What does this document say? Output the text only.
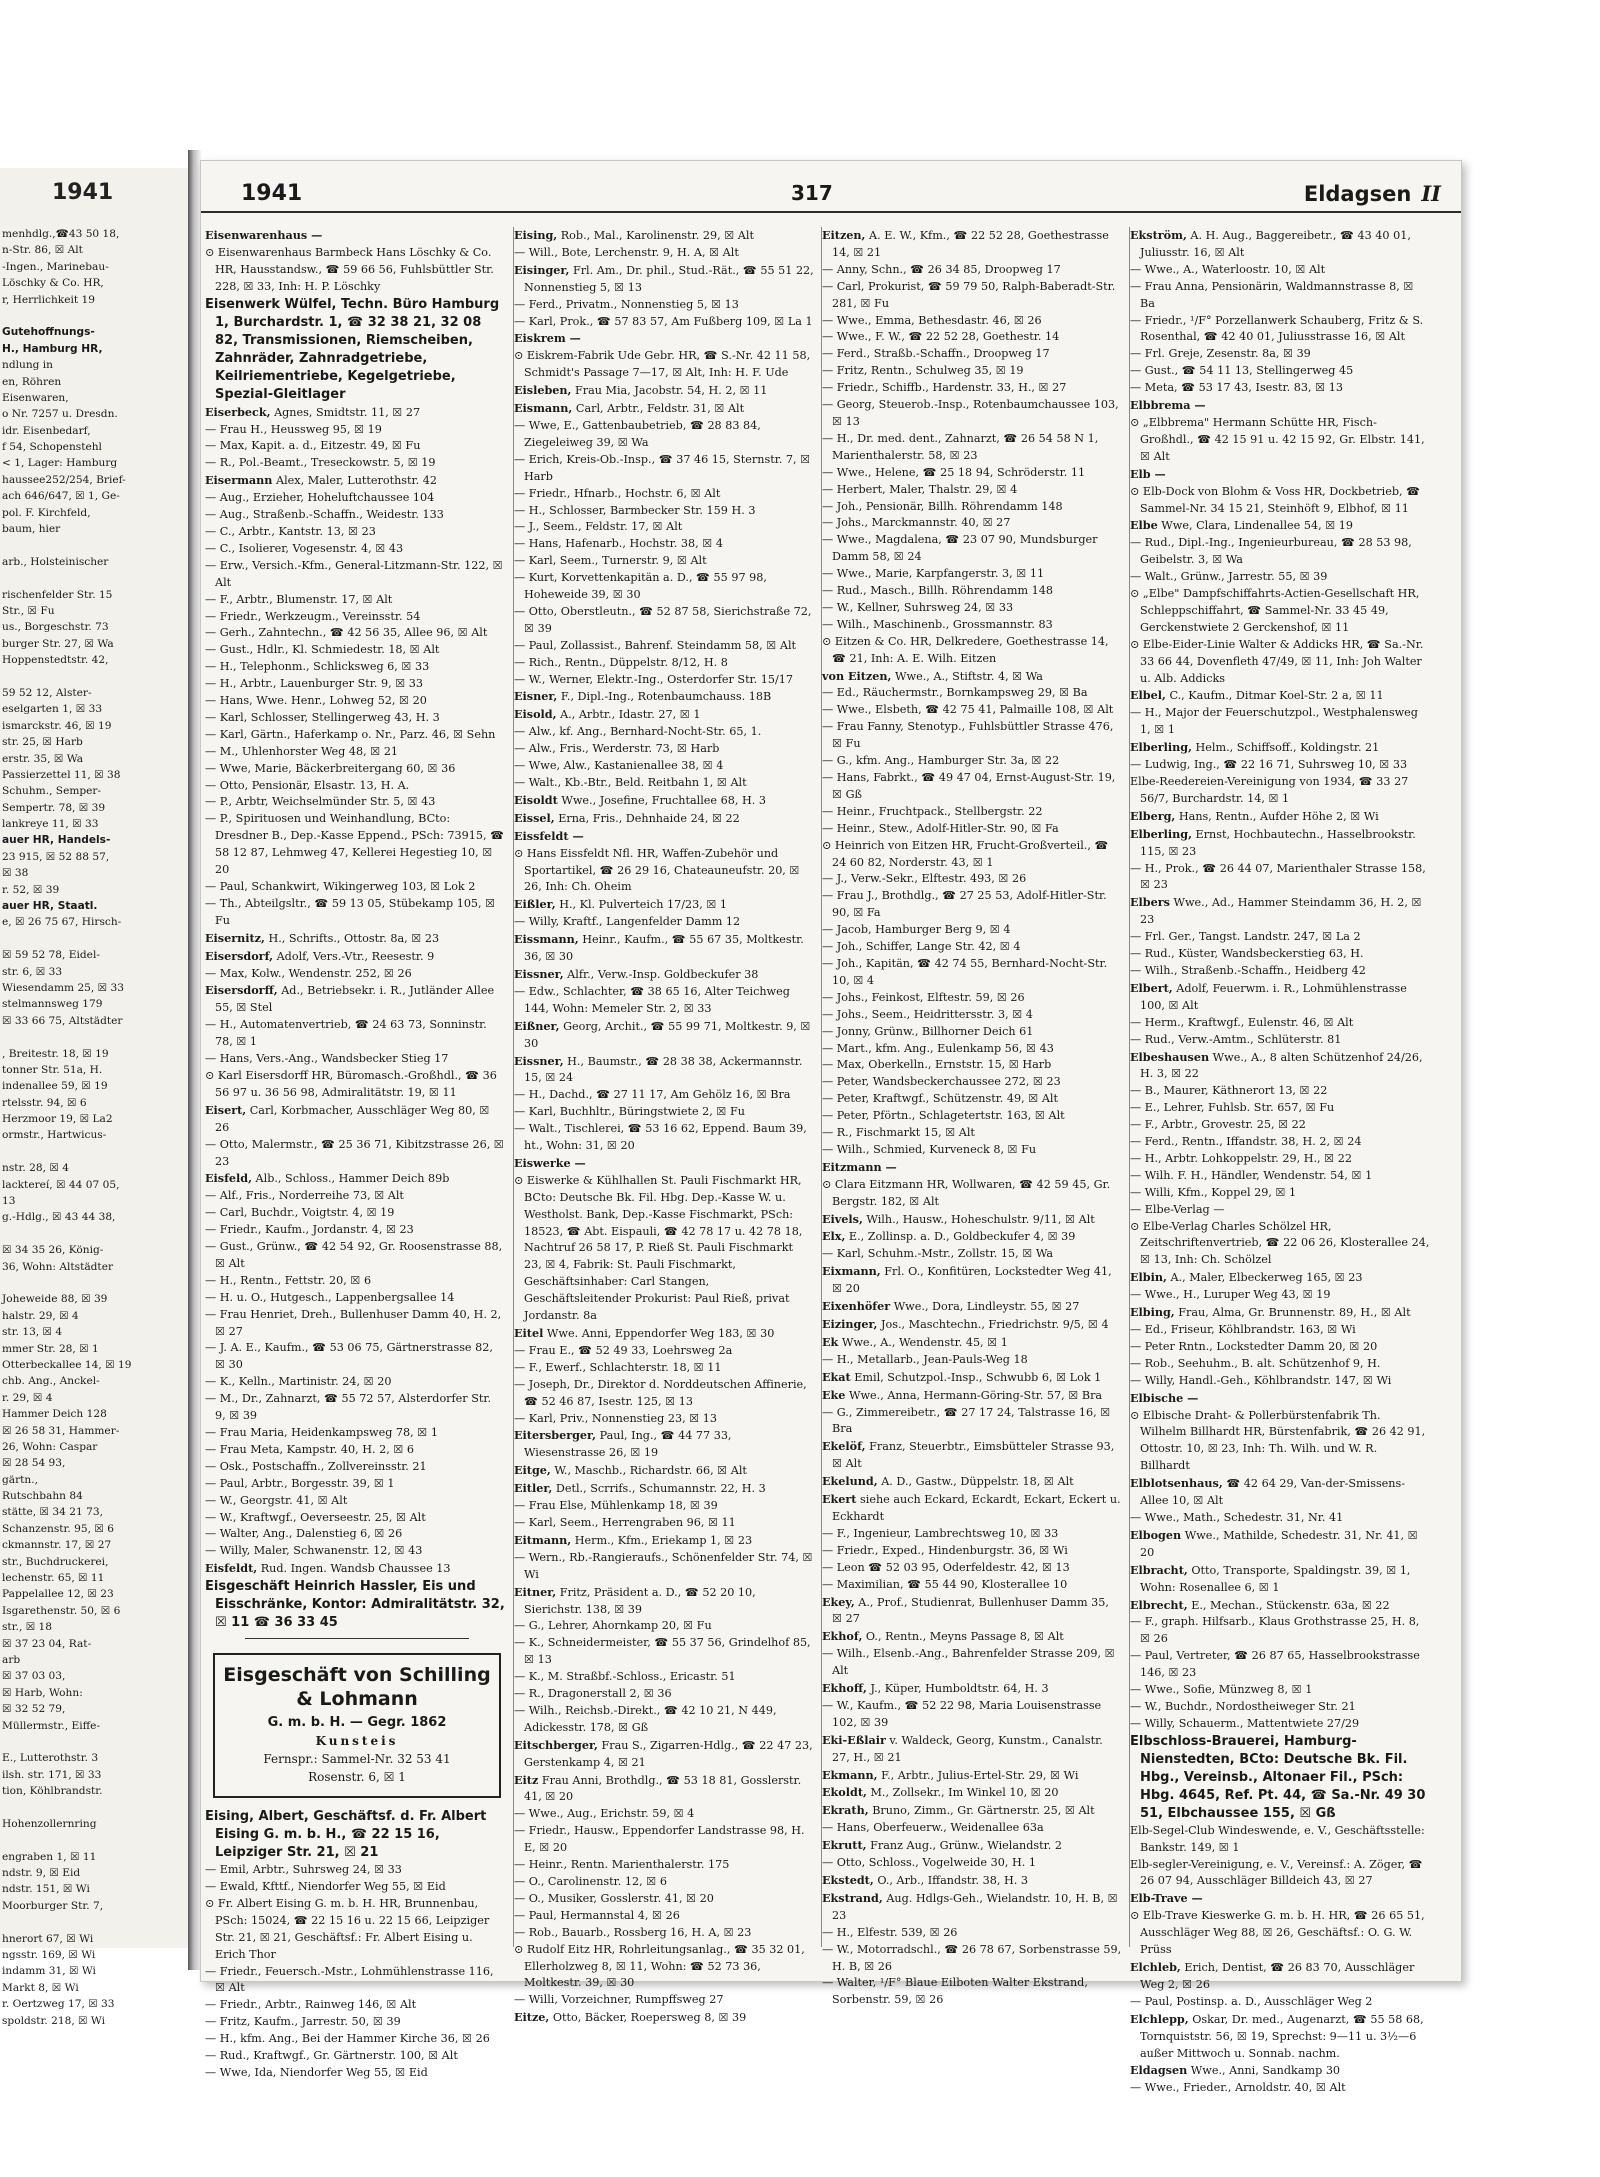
1941
menhdlg.,☎43 50 18,
n-Str. 86, ☒ Alt
-Ingen., Marinebau-
Löschky & Co. HR,
r, Herrlichkeit 19
Gutehoffnungs-
H., Hamburg HR,
ndlung in
en, Röhren
Eisenwaren,
o Nr. 7257 u. Dresdn.
idr. Eisenbedarf,
f 54, Schopenstehl
< 1, Lager: Hamburg
haussee252/254, Brief-
ach 646/647, ☒ 1, Ge-
pol. F. Kirchfeld,
baum, hier
arb., Holsteinischer
rischenfelder Str. 15
Str., ☒ Fu
us., Borgeschstr. 73
burger Str. 27, ☒ Wa
Hoppenstedtstr. 42,
59 52 12, Alster-
eselgarten 1, ☒ 33
ismarckstr. 46, ☒ 19
str. 25, ☒ Harb
erstr. 35, ☒ Wa
Passierzettel 11, ☒ 38
Schuhm., Semper-
Sempertr. 78, ☒ 39
lankreye 11, ☒ 33
auer HR, Handels-
23 915, ☒ 52 88 57,
☒ 38
r. 52, ☒ 39
auer HR, Staatl.
e, ☒ 26 75 67, Hirsch-
☒ 59 52 78, Eidel-
str. 6, ☒ 33
Wiesendamm 25, ☒ 33
stelmannsweg 179
☒ 33 66 75, Altstädter
, Breitestr. 18, ☒ 19
tonner Str. 51a, H.
indenallee 59, ☒ 19
rtelsstr. 94, ☒ 6
Herzmoor 19, ☒ La2
ormstr., Hartwicus-
nstr. 28, ☒ 4
lacktereí, ☒ 44 07 05,
13
g.-Hdlg., ☒ 43 44 38,
☒ 34 35 26, König-
36, Wohn: Altstädter
Joheweide 88, ☒ 39
halstr. 29, ☒ 4
str. 13, ☒ 4
mmer Str. 28, ☒ 1
Otterbeckallee 14, ☒ 19
chb. Ang., Anckel-
r. 29, ☒ 4
Hammer Deich 128
☒ 26 58 31, Hammer-
26, Wohn: Caspar
☒ 28 54 93,
gärtn.,
Rutschbahn 84
stätte, ☒ 34 21 73,
Schanzenstr. 95, ☒ 6
ckmannstr. 17, ☒ 27
str., Buchdruckerei,
lechenstr. 65, ☒ 11
Pappelallee 12, ☒ 23
Isgarethenstr. 50, ☒ 6
str., ☒ 18
☒ 37 23 04, Rat-
arb
☒ 37 03 03,
☒ Harb, Wohn:
☒ 32 52 79,
Müllermstr., Eiffe-
E., Lutterothstr. 3
ilsh. str. 171, ☒ 33
tion, Köhlbrandstr.
Hohenzollernring
engraben 1, ☒ 11
ndstr. 9, ☒ Eid
ndstr. 151, ☒ Wi
Moorburger Str. 7,
hnerort 67, ☒ Wi
ngsstr. 169, ☒ Wi
indamm 31, ☒ Wi
Markt 8, ☒ Wi
r. Oertzweg 17, ☒ 33
spoldstr. 218, ☒ Wi
1941	317	Eldagsen II
Eisenwarenhaus —
⊙ Eisenwarenhaus Barmbeck Hans Löschky & Co. HR, Hausstandsw., ☎ 59 66 56, Fuhlsbüttler Str. 228, ☒ 33, Inh: H. P. Löschky
Eisenwerk Wülfel, Techn. Büro Hamburg 1, Burchardstr. 1, ☎ 32 38 21, 32 08 82, Transmissionen, Riemscheiben, Zahnräder, Zahnradgetriebe, Keilriementriebe, Kegelgetriebe, Spezial-Gleitlager
Eiserbeck, Agnes, Smidtstr. 11, ☒ 27
— Frau H., Heussweg 95, ☒ 19
— Max, Kapit. a. d., Eitzestr. 49, ☒ Fu
— R., Pol.-Beamt., Treseckowstr. 5, ☒ 19
Eisermann Alex, Maler, Lutterothstr. 42
— Aug., Erzieher, Hoheluftchaussee 104
— Aug., Straßenb.-Schaffn., Weidestr. 133
— C., Arbtr., Kantstr. 13, ☒ 23
— C., Isolierer, Vogesenstr. 4, ☒ 43
— Erw., Versich.-Kfm., General-Litzmann-Str. 122, ☒ Alt
— F., Arbtr., Blumenstr. 17, ☒ Alt
— Friedr., Werkzeugm., Vereinsstr. 54
— Gerh., Zahntechn., ☎ 42 56 35, Allee 96, ☒ Alt
— Gust., Hdlr., Kl. Schmiedestr. 18, ☒ Alt
— H., Telephonm., Schlicksweg 6, ☒ 33
— H., Arbtr., Lauenburger Str. 9, ☒ 33
— Hans, Wwe. Henr., Lohweg 52, ☒ 20
— Karl, Schlosser, Stellingerweg 43, H. 3
— Karl, Gärtn., Haferkamp o. Nr., Parz. 46, ☒ Sehn
— M., Uhlenhorster Weg 48, ☒ 21
— Wwe, Marie, Bäckerbreitergang 60, ☒ 36
— Otto, Pensionär, Elsastr. 13, H. A.
— P., Arbtr, Weichselmünder Str. 5, ☒ 43
— P., Spirituosen und Weinhandlung, BCto: Dresdner B., Dep.-Kasse Eppend., PSch: 73915, ☎ 58 12 87, Lehmweg 47, Kellerei Hegestieg 10, ☒ 20
— Paul, Schankwirt, Wikingerweg 103, ☒ Lok 2
— Th., Abteilgsltr., ☎ 59 13 05, Stübekamp 105, ☒ Fu
Eisernitz, H., Schrifts., Ottostr. 8a, ☒ 23
Eisersdorf, Adolf, Vers.-Vtr., Reesestr. 9
— Max, Kolw., Wendenstr. 252, ☒ 26
Eisersdorff, Ad., Betriebsekr. i. R., Jutländer Allee 55, ☒ Stel
— H., Automatenvertrieb, ☎ 24 63 73, Sonninstr. 78, ☒ 1
— Hans, Vers.-Ang., Wandsbecker Stieg 17
⊙ Karl Eisersdorff HR, Büromasch.-Großhdl., ☎ 36 56 97 u. 36 56 98, Admiralitätstr. 19, ☒ 11
Eisert, Carl, Korbmacher, Ausschläger Weg 80, ☒ 26
— Otto, Malermstr., ☎ 25 36 71, Kibitzstrasse 26, ☒ 23
Eisfeld, Alb., Schloss., Hammer Deich 89b
— Alf., Fris., Norderreihe 73, ☒ Alt
— Carl, Buchdr., Voigtstr. 4, ☒ 19
— Friedr., Kaufm., Jordanstr. 4, ☒ 23
— Gust., Grünw., ☎ 42 54 92, Gr. Roosenstrasse 88, ☒ Alt
— H., Rentn., Fettstr. 20, ☒ 6
— H. u. O., Hutgesch., Lappenbergsallee 14
— Frau Henriet, Dreh., Bullenhuser Damm 40, H. 2, ☒ 27
— J. A. E., Kaufm., ☎ 53 06 75, Gärtnerstrasse 82, ☒ 30
— K., Kelln., Martinistr. 24, ☒ 20
— M., Dr., Zahnarzt, ☎ 55 72 57, Alsterdorfer Str. 9, ☒ 39
— Frau Maria, Heidenkampsweg 78, ☒ 1
— Frau Meta, Kampstr. 40, H. 2, ☒ 6
— Osk., Postschaffn., Zollvereinsstr. 21
— Paul, Arbtr., Borgesstr. 39, ☒ 1
— W., Georgstr. 41, ☒ Alt
— W., Kraftwgf., Oeverseestr. 25, ☒ Alt
— Walter, Ang., Dalenstieg 6, ☒ 26
— Willy, Maler, Schwanenstr. 12, ☒ 43
Eisfeldt, Rud. Ingen. Wandsb Chaussee 13
Eisgeschäft Heinrich Hassler, Eis und Eisschränke, Kontor: Admiralitätstr. 32, ☒ 11 ☎ 36 33 45
Eisgeschäft von Schilling & Lohmann
G. m. b. H. — Gegr. 1862
Kunsteis
Fernspr.: Sammel-Nr. 32 53 41
Rosenstr. 6, ☒ 1
Eising, Albert, Geschäftsf. d. Fr. Albert Eising G. m. b. H., ☎ 22 15 16, Leipziger Str. 21, ☒ 21
— Emil, Arbtr., Suhrsweg 24, ☒ 33
— Ewald, Kfttf., Niendorfer Weg 55, ☒ Eid
⊙ Fr. Albert Eising G. m. b. H. HR, Brunnenbau, PSch: 15024, ☎ 22 15 16 u. 22 15 66, Leipziger Str. 21, ☒ 21, Geschäftsf.: Fr. Albert Eising u. Erich Thor
— Friedr., Feuersch.-Mstr., Lohmühlenstrasse 116, ☒ Alt
— Friedr., Arbtr., Rainweg 146, ☒ Alt
— Fritz, Kaufm., Jarrestr. 50, ☒ 39
— H., kfm. Ang., Bei der Hammer Kirche 36, ☒ 26
— Rud., Kraftwgf., Gr. Gärtnerstr. 100, ☒ Alt
— Wwe, Ida, Niendorfer Weg 55, ☒ Eid
Eising, Rob., Mal., Karolinenstr. 29, ☒ Alt
— Will., Bote, Lerchenstr. 9, H. A, ☒ Alt
Eisinger, Frl. Am., Dr. phil., Stud.-Rät., ☎ 55 51 22, Nonnenstieg 5, ☒ 13
— Ferd., Privatm., Nonnenstieg 5, ☒ 13
— Karl, Prok., ☎ 57 83 57, Am Fußberg 109, ☒ La 1
Eiskrem —
⊙ Eiskrem-Fabrik Ude Gebr. HR, ☎ S.-Nr. 42 11 58, Schmidt's Passage 7—17, ☒ Alt, Inh: H. F. Ude
Eisleben, Frau Mia, Jacobstr. 54, H. 2, ☒ 11
Eismann, Carl, Arbtr., Feldstr. 31, ☒ Alt
— Wwe, E., Gattenbaubetrieb, ☎ 28 83 84, Ziegeleiweg 39, ☒ Wa
— Erich, Kreis-Ob.-Insp., ☎ 37 46 15, Sternstr. 7, ☒ Harb
— Friedr., Hfnarb., Hochstr. 6, ☒ Alt
— H., Schlosser, Barmbecker Str. 159 H. 3
— J., Seem., Feldstr. 17, ☒ Alt
— Hans, Hafenarb., Hochstr. 38, ☒ 4
— Karl, Seem., Turnerstr. 9, ☒ Alt
— Kurt, Korvettenkapitän a. D., ☎ 55 97 98, Hoheweide 39, ☒ 30
— Otto, Oberstleutn., ☎ 52 87 58, Sierichstraße 72, ☒ 39
— Paul, Zollassist., Bahrenf. Steindamm 58, ☒ Alt
— Rich., Rentn., Düppelstr. 8/12, H. 8
— W., Werner, Elektr.-Ing., Osterdorfer Str. 15/17
Eisner, F., Dipl.-Ing., Rotenbaumchauss. 18B
Eisold, A., Arbtr., Idastr. 27, ☒ 1
— Alw., kf. Ang., Bernhard-Nocht-Str. 65, 1.
— Alw., Fris., Werderstr. 73, ☒ Harb
— Wwe, Alw., Kastanienallee 38, ☒ 4
— Walt., Kb.-Btr., Beld. Reitbahn 1, ☒ Alt
Eisoldt Wwe., Josefine, Fruchtallee 68, H. 3
Eissel, Erna, Fris., Dehnhaide 24, ☒ 22
Eissfeldt —
⊙ Hans Eissfeldt Nfl. HR, Waffen-Zubehör und Sportartikel, ☎ 26 29 16, Chateauneufstr. 20, ☒ 26, Inh: Ch. Oheim
Eißler, H., Kl. Pulverteich 17/23, ☒ 1
— Willy, Kraftf., Langenfelder Damm 12
Eissmann, Heinr., Kaufm., ☎ 55 67 35, Moltkestr. 36, ☒ 30
Eissner, Alfr., Verw.-Insp. Goldbeckufer 38
— Edw., Schlachter, ☎ 38 65 16, Alter Teichweg 144, Wohn: Memeler Str. 2, ☒ 33
Eißner, Georg, Archit., ☎ 55 99 71, Moltkestr. 9, ☒ 30
Eissner, H., Baumstr., ☎ 28 38 38, Ackermannstr. 15, ☒ 24
— H., Dachd., ☎ 27 11 17, Am Gehölz 16, ☒ Bra
— Karl, Buchhltr., Büringstwiete 2, ☒ Fu
— Walt., Tischlerei, ☎ 53 16 62, Eppend. Baum 39, ht., Wohn: 31, ☒ 20
Eiswerke —
⊙ Eiswerke & Kühlhallen St. Pauli Fischmarkt HR, BCto: Deutsche Bk. Fil. Hbg. Dep.-Kasse W. u. Westholst. Bank, Dep.-Kasse Fischmarkt, PSch: 18523, ☎ Abt. Eispauli, ☎ 42 78 17 u. 42 78 18, Nachtruf 26 58 17, P. Rieß St. Pauli Fischmarkt 23, ☒ 4, Fabrik: St. Pauli Fischmarkt, Geschäftsinhaber: Carl Stangen, Geschäftsleitender Prokurist: Paul Rieß, privat Jordanstr. 8a
Eitel Wwe. Anni, Eppendorfer Weg 183, ☒ 30
— Frau E., ☎ 52 49 33, Loehrsweg 2a
— F., Ewerf., Schlachterstr. 18, ☒ 11
— Joseph, Dr., Direktor d. Norddeutschen Affinerie, ☎ 52 46 87, Isestr. 125, ☒ 13
— Karl, Priv., Nonnenstieg 23, ☒ 13
Eitersberger, Paul, Ing., ☎ 44 77 33, Wiesenstrasse 26, ☒ 19
Eitge, W., Maschb., Richardstr. 66, ☒ Alt
Eitler, Detl., Scrrifs., Schumannstr. 22, H. 3
— Frau Else, Mühlenkamp 18, ☒ 39
— Karl, Seem., Herrengraben 96, ☒ 11
Eitmann, Herm., Kfm., Eriekamp 1, ☒ 23
— Wern., Rb.-Rangieraufs., Schönenfelder Str. 74, ☒ Wi
Eitner, Fritz, Präsident a. D., ☎ 52 20 10, Sierichstr. 138, ☒ 39
— G., Lehrer, Ahornkamp 20, ☒ Fu
— K., Schneidermeister, ☎ 55 37 56, Grindelhof 85, ☒ 13
— K., M. Straßbf.-Schloss., Ericastr. 51
— R., Dragonerstall 2, ☒ 36
— Wilh., Reichsb.-Direkt., ☎ 42 10 21, N 449, Adickesstr. 178, ☒ Gß
Eitschberger, Frau S., Zigarren-Hdlg., ☎ 22 47 23, Gerstenkamp 4, ☒ 21
Eitz Frau Anni, Brothdlg., ☎ 53 18 81, Gosslerstr. 41, ☒ 20
— Wwe., Aug., Erichstr. 59, ☒ 4
— Friedr., Hausw., Eppendorfer Landstrasse 98, H. E, ☒ 20
— Heinr., Rentn. Marienthalerstr. 175
— O., Carolinenstr. 12, ☒ 6
— O., Musiker, Gosslerstr. 41, ☒ 20
— Paul, Hermannstal 4, ☒ 26
— Rob., Bauarb., Rossberg 16, H. A, ☒ 23
⊙ Rudolf Eitz HR, Rohrleitungsanlag., ☎ 35 32 01, Ellerholzweg 8, ☒ 11, Wohn: ☎ 52 73 36, Moltkestr. 39, ☒ 30
— Willi, Vorzeichner, Rumpffsweg 27
Eitze, Otto, Bäcker, Roepersweg 8, ☒ 39
Eitzen, A. E. W., Kfm., ☎ 22 52 28, Goethestrasse 14, ☒ 21
— Anny, Schn., ☎ 26 34 85, Droopweg 17
— Carl, Prokurist, ☎ 59 79 50, Ralph-Baberadt-Str. 281, ☒ Fu
— Wwe., Emma, Bethesdastr. 46, ☒ 26
— Wwe., F. W., ☎ 22 52 28, Goethestr. 14
— Ferd., Straßb.-Schaffn., Droopweg 17
— Fritz, Rentn., Schulweg 35, ☒ 19
— Friedr., Schiffb., Hardenstr. 33, H., ☒ 27
— Georg, Steuerob.-Insp., Rotenbaumchaussee 103, ☒ 13
— H., Dr. med. dent., Zahnarzt, ☎ 26 54 58 N 1, Marienthalerstr. 58, ☒ 23
— Wwe., Helene, ☎ 25 18 94, Schröderstr. 11
— Herbert, Maler, Thalstr. 29, ☒ 4
— Joh., Pensionär, Billh. Röhrendamm 148
— Johs., Marckmannstr. 40, ☒ 27
— Wwe., Magdalena, ☎ 23 07 90, Mundsburger Damm 58, ☒ 24
— Wwe., Marie, Karpfangerstr. 3, ☒ 11
— Rud., Masch., Billh. Röhrendamm 148
— W., Kellner, Suhrsweg 24, ☒ 33
— Wilh., Maschinenb., Grossmannstr. 83
⊙ Eitzen & Co. HR, Delkredere, Goethestrasse 14, ☎ 21, Inh: A. E. Wilh. Eitzen
von Eitzen, Wwe., A., Stiftstr. 4, ☒ Wa
— Ed., Räuchermstr., Bornkampsweg 29, ☒ Ba
— Wwe., Elsbeth, ☎ 42 75 41, Palmaille 108, ☒ Alt
— Frau Fanny, Stenotyp., Fuhlsbüttler Strasse 476, ☒ Fu
— G., kfm. Ang., Hamburger Str. 3a, ☒ 22
— Hans, Fabrkt., ☎ 49 47 04, Ernst-August-Str. 19, ☒ Gß
— Heinr., Fruchtpack., Stellbergstr. 22
— Heinr., Stew., Adolf-Hitler-Str. 90, ☒ Fa
⊙ Heinrich von Eitzen HR, Frucht-Großverteil., ☎ 24 60 82, Norderstr. 43, ☒ 1
— J., Verw.-Sekr., Elftestr. 493, ☒ 26
— Frau J., Brothdlg., ☎ 27 25 53, Adolf-Hitler-Str. 90, ☒ Fa
— Jacob, Hamburger Berg 9, ☒ 4
— Joh., Schiffer, Lange Str. 42, ☒ 4
— Joh., Kapitän, ☎ 42 74 55, Bernhard-Nocht-Str. 10, ☒ 4
— Johs., Feinkost, Elftestr. 59, ☒ 26
— Johs., Seem., Heidrittersstr. 3, ☒ 4
— Jonny, Grünw., Billhorner Deich 61
— Mart., kfm. Ang., Eulenkamp 56, ☒ 43
— Max, Oberkelln., Ernststr. 15, ☒ Harb
— Peter, Wandsbeckerchaussee 272, ☒ 23
— Peter, Kraftwgf., Schützenstr. 49, ☒ Alt
— Peter, Pförtn., Schlagetertstr. 163, ☒ Alt
— R., Fischmarkt 15, ☒ Alt
— Wilh., Schmied, Kurveneck 8, ☒ Fu
Eitzmann —
⊙ Clara Eitzmann HR, Wollwaren, ☎ 42 59 45, Gr. Bergstr. 182, ☒ Alt
Eivels, Wilh., Hausw., Hoheschulstr. 9/11, ☒ Alt
Elx, E., Zollinsp. a. D., Goldbeckufer 4, ☒ 39
— Karl, Schuhm.-Mstr., Zollstr. 15, ☒ Wa
Eixmann, Frl. O., Konfitüren, Lockstedter Weg 41, ☒ 20
Eixenhöfer Wwe., Dora, Lindleystr. 55, ☒ 27
Eizinger, Jos., Maschtechn., Friedrichstr. 9/5, ☒ 4
Ek Wwe., A., Wendenstr. 45, ☒ 1
— H., Metallarb., Jean-Pauls-Weg 18
Ekat Emil, Schutzpol.-Insp., Schwubb 6, ☒ Lok 1
Eke Wwe., Anna, Hermann-Göring-Str. 57, ☒ Bra
— G., Zimmereibetr., ☎ 27 17 24, Talstrasse 16, ☒ Bra
Ekelöf, Franz, Steuerbtr., Eimsbütteler Strasse 93, ☒ Alt
Ekelund, A. D., Gastw., Düppelstr. 18, ☒ Alt
Ekert siehe auch Eckard, Eckardt, Eckart, Eckert u. Eckhardt
— F., Ingenieur, Lambrechtsweg 10, ☒ 33
— Friedr., Exped., Hindenburgstr. 36, ☒ Wi
— Leon ☎ 52 03 95, Oderfeldestr. 42, ☒ 13
— Maximilian, ☎ 55 44 90, Klosterallee 10
Ekey, A., Prof., Studienrat, Bullenhuser Damm 35, ☒ 27
Ekhof, O., Rentn., Meyns Passage 8, ☒ Alt
— Wilh., Elsenb.-Ang., Bahrenfelder Strasse 209, ☒ Alt
Ekhoff, J., Küper, Humboldtstr. 64, H. 3
— W., Kaufm., ☎ 52 22 98, Maria Louisenstrasse 102, ☒ 39
Eki-Eßlair v. Waldeck, Georg, Kunstm., Canalstr. 27, H., ☒ 21
Ekmann, F., Arbtr., Julius-Ertel-Str. 29, ☒ Wi
Ekoldt, M., Zollsekr., Im Winkel 10, ☒ 20
Ekrath, Bruno, Zimm., Gr. Gärtnerstr. 25, ☒ Alt
— Hans, Oberfeuerw., Weidenallee 63a
Ekrutt, Franz Aug., Grünw., Wielandstr. 2
— Otto, Schloss., Vogelweide 30, H. 1
Ekstedt, O., Arb., Iffandstr. 38, H. 3
Ekstrand, Aug. Hdlgs-Geh., Wielandstr. 10, H. B, ☒ 23
— H., Elfestr. 539, ☒ 26
— W., Motorradschl., ☎ 26 78 67, Sorbenstrasse 59, H. B, ☒ 26
— Walter, ¹/F° Blaue Eilboten Walter Ekstrand, Sorbenstr. 59, ☒ 26
Ekström, A. H. Aug., Baggereibetr., ☎ 43 40 01, Juliusstr. 16, ☒ Alt
— Wwe., A., Waterloostr. 10, ☒ Alt
— Frau Anna, Pensionärin, Waldmannstrasse 8, ☒ Ba
— Friedr., ¹/F° Porzellanwerk Schauberg, Fritz & S. Rosenthal, ☎ 42 40 01, Juliusstrasse 16, ☒ Alt
— Frl. Greje, Zesenstr. 8a, ☒ 39
— Gust., ☎ 54 11 13, Stellingerweg 45
— Meta, ☎ 53 17 43, Isestr. 83, ☒ 13
Elbbrema —
⊙ „Elbbrema" Hermann Schütte HR, Fisch-Großhdl., ☎ 42 15 91 u. 42 15 92, Gr. Elbstr. 141, ☒ Alt
Elb —
⊙ Elb-Dock von Blohm & Voss HR, Dockbetrieb, ☎ Sammel-Nr. 34 15 21, Steinhöft 9, Elbhof, ☒ 11
Elbe Wwe, Clara, Lindenallee 54, ☒ 19
— Rud., Dipl.-Ing., Ingenieurbureau, ☎ 28 53 98, Geibelstr. 3, ☒ Wa
— Walt., Grünw., Jarrestr. 55, ☒ 39
⊙ „Elbe" Dampfschiffahrts-Actien-Gesellschaft HR, Schleppschiffahrt, ☎ Sammel-Nr. 33 45 49, Gerckenstwiete 2 Gerckenshof, ☒ 11
⊙ Elbe-Eider-Linie Walter & Addicks HR, ☎ Sa.-Nr. 33 66 44, Dovenfleth 47/49, ☒ 11, Inh: Joh Walter u. Alb. Addicks
Elbel, C., Kaufm., Ditmar Koel-Str. 2 a, ☒ 11
— H., Major der Feuerschutzpol., Westphalensweg 1, ☒ 1
Elberling, Helm., Schiffsoff., Koldingstr. 21
— Ludwig, Ing., ☎ 22 16 71, Suhrsweg 10, ☒ 33
Elbe-Reedereien-Vereinigung von 1934, ☎ 33 27 56/7, Burchardstr. 14, ☒ 1
Elberg, Hans, Rentn., Aufder Höhe 2, ☒ Wi
Elberling, Ernst, Hochbautechn., Hasselbrookstr. 115, ☒ 23
— H., Prok., ☎ 26 44 07, Marienthaler Strasse 158, ☒ 23
Elbers Wwe., Ad., Hammer Steindamm 36, H. 2, ☒ 23
— Frl. Ger., Tangst. Landstr. 247, ☒ La 2
— Rud., Küster, Wandsbeckerstieg 63, H.
— Wilh., Straßenb.-Schaffn., Heidberg 42
Elbert, Adolf, Feuerwm. i. R., Lohmühlenstrasse 100, ☒ Alt
— Herm., Kraftwgf., Eulenstr. 46, ☒ Alt
— Rud., Verw.-Amtm., Schlüterstr. 81
Elbeshausen Wwe., A., 8 alten Schützenhof 24/26, H. 3, ☒ 22
— B., Maurer, Käthnerort 13, ☒ 22
— E., Lehrer, Fuhlsb. Str. 657, ☒ Fu
— F., Arbtr., Grovestr. 25, ☒ 22
— Ferd., Rentn., Iffandstr. 38, H. 2, ☒ 24
— H., Arbtr. Lohkoppelstr. 29, H., ☒ 22
— Wilh. F. H., Händler, Wendenstr. 54, ☒ 1
— Willi, Kfm., Koppel 29, ☒ 1
— Elbe-Verlag —
⊙ Elbe-Verlag Charles Schölzel HR, Zeitschriftenvertrieb, ☎ 22 06 26, Klosterallee 24, ☒ 13, Inh: Ch. Schölzel
Elbin, A., Maler, Elbeckerweg 165, ☒ 23
— Wwe., H., Luruper Weg 43, ☒ 19
Elbing, Frau, Alma, Gr. Brunnenstr. 89, H., ☒ Alt
— Ed., Friseur, Köhlbrandstr. 163, ☒ Wi
— Peter Rntn., Lockstedter Damm 20, ☒ 20
— Rob., Seehuhm., B. alt. Schützenhof 9, H.
— Willy, Handl.-Geh., Köhlbrandstr. 147, ☒ Wi
Elbische —
⊙ Elbische Draht- & Pollerbürstenfabrik Th. Wilhelm Billhardt HR, Bürstenfabrik, ☎ 26 42 91, Ottostr. 10, ☒ 23, Inh: Th. Wilh. und W. R. Billhardt
Elblotsenhaus, ☎ 42 64 29, Van-der-Smissens-Allee 10, ☒ Alt
— Wwe., Math., Schedestr. 31, Nr. 41
Elbogen Wwe., Mathilde, Schedestr. 31, Nr. 41, ☒ 20
Elbracht, Otto, Transporte, Spaldingstr. 39, ☒ 1, Wohn: Rosenallee 6, ☒ 1
Elbrecht, E., Mechan., Stückenstr. 63a, ☒ 22
— F., graph. Hilfsarb., Klaus Grothstrasse 25, H. 8, ☒ 26
— Paul, Vertreter, ☎ 26 87 65, Hasselbrookstrasse 146, ☒ 23
— Wwe., Sofie, Münzweg 8, ☒ 1
— W., Buchdr., Nordostheiweger Str. 21
— Willy, Schauerm., Mattentwiete 27/29
Elbschloss-Brauerei, Hamburg-Nienstedten, BCto: Deutsche Bk. Fil. Hbg., Vereinsb., Altonaer Fil., PSch: Hbg. 4645, Ref. Pt. 44, ☎ Sa.-Nr. 49 30 51, Elbchaussee 155, ☒ Gß
Elb-Segel-Club Windeswende, e. V., Geschäftsstelle: Bankstr. 149, ☒ 1
Elb-segler-Vereinigung, e. V., Vereinsf.: A. Zöger, ☎ 26 07 94, Ausschläger Billdeich 43, ☒ 27
Elb-Trave —
⊙ Elb-Trave Kieswerke G. m. b. H. HR, ☎ 26 65 51, Ausschläger Weg 88, ☒ 26, Geschäftsf.: O. G. W. Prüss
Elchleb, Erich, Dentist, ☎ 26 83 70, Ausschläger Weg 2, ☒ 26
— Paul, Postinsp. a. D., Ausschläger Weg 2
Elchlepp, Oskar, Dr. med., Augenarzt, ☎ 55 58 68, Tornquiststr. 56, ☒ 19, Sprechst: 9—11 u. 3½—6 außer Mittwoch u. Sonnab. nachm.
Eldagsen Wwe., Anni, Sandkamp 30
— Wwe., Frieder., Arnoldstr. 40, ☒ Alt
